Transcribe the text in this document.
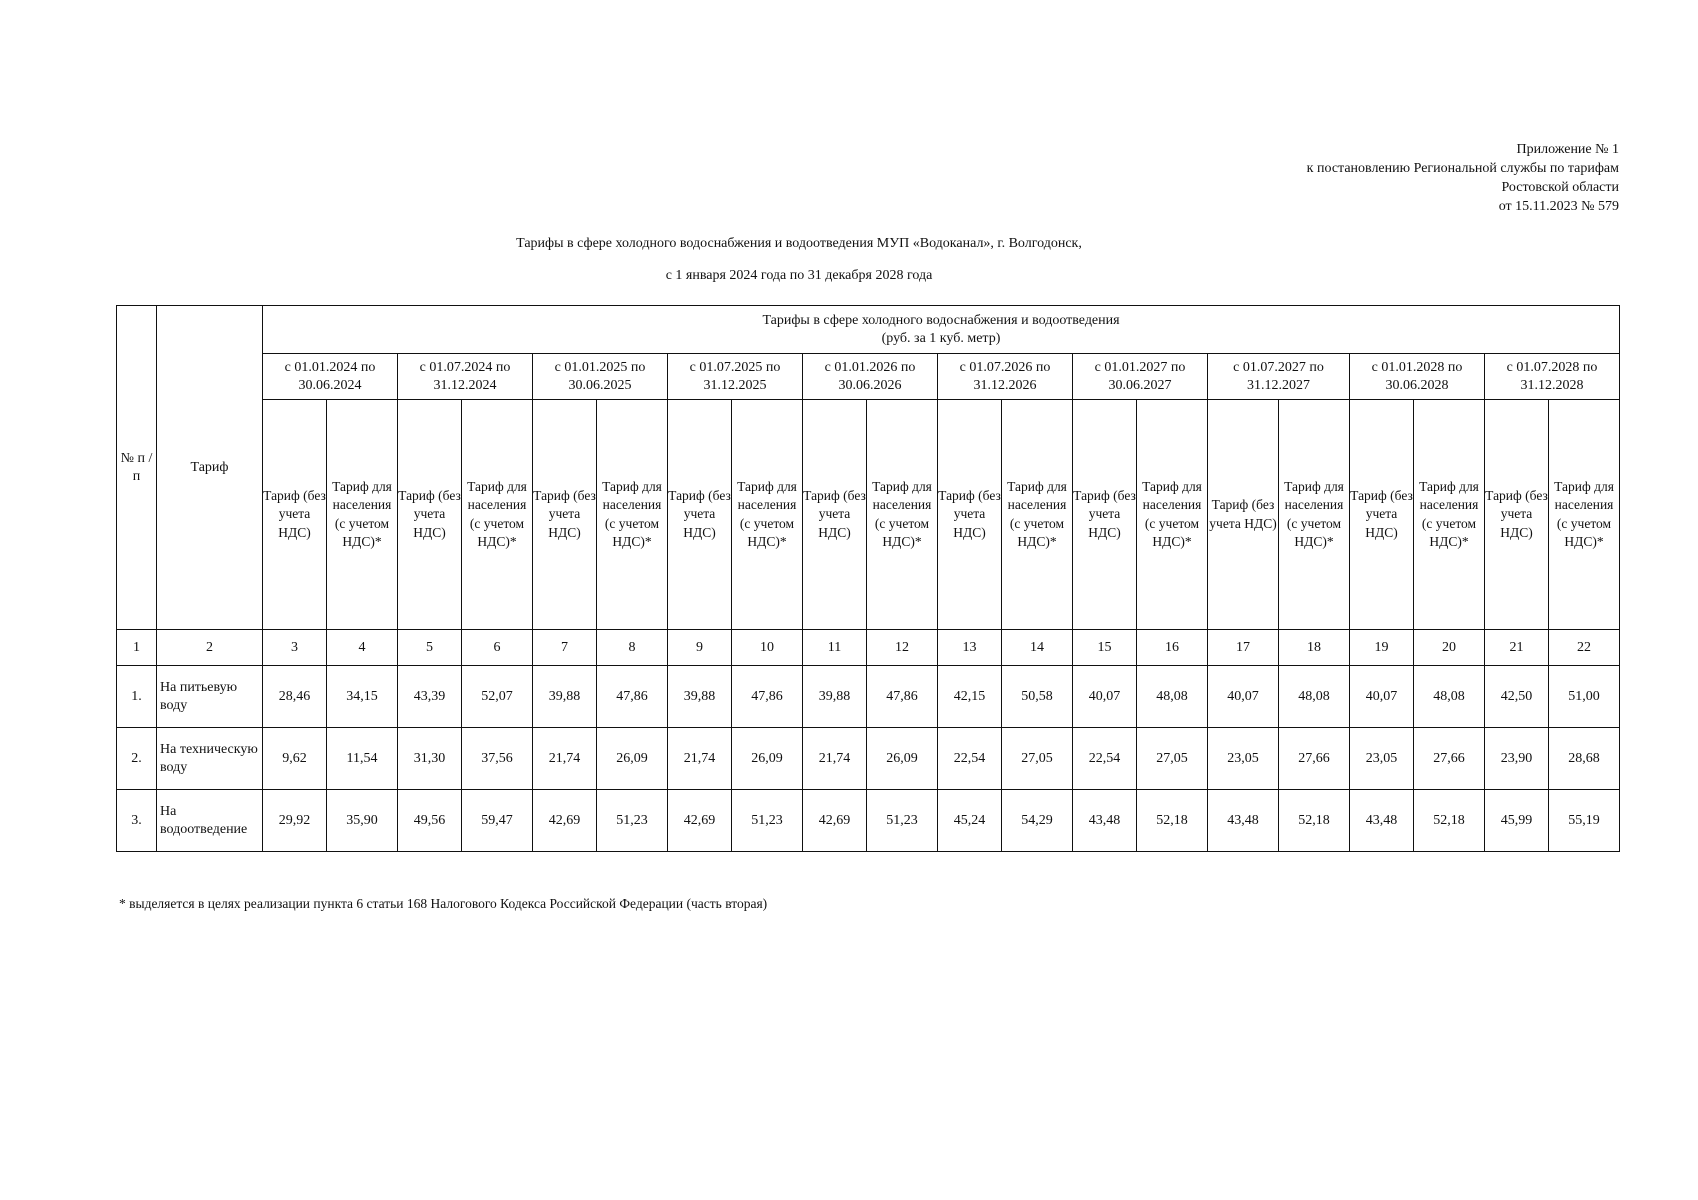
Приложение № 1
к постановлению Региональной службы по тарифам
Ростовской области
от 15.11.2023 № 579
Тарифы в сфере холодного водоснабжения и водоотведения МУП «Водоканал», г. Волгодонск,
с 1 января 2024 года по 31 декабря 2028 года
№ п /п	Тариф	Тарифы в сфере холодного водоснабжения и водоотведения
(руб. за 1 куб. метр)																			

		с 01.01.2024 по 30.06.2024		с 01.07.2024 по 31.12.2024		с 01.01.2025 по 30.06.2025		с 01.07.2025 по 31.12.2025		с 01.01.2026 по 30.06.2026		с 01.07.2026 по 31.12.2026		с 01.01.2027 по 30.06.2027		с 01.07.2027 по 31.12.2027		с 01.01.2028 по 30.06.2028		с 01.07.2028 по 31.12.2028	
		Тариф (без учета НДС)	Тариф для населения (с учетом НДС)*	Тариф (без учета НДС)	Тариф для населения (с учетом НДС)*	Тариф (без учета НДС)	Тариф для населения (с учетом НДС)*	Тариф (без учета НДС)	Тариф для населения (с учетом НДС)*	Тариф (без учета НДС)	Тариф для населения (с учетом НДС)*	Тариф (без учета НДС)	Тариф для населения (с учетом НДС)*	Тариф (без учета НДС)	Тариф для населения (с учетом НДС)*	Тариф (без учета НДС)	Тариф для населения (с учетом НДС)*	Тариф (без учета НДС)	Тариф для населения (с учетом НДС)*	Тариф (без учета НДС)	Тариф для населения (с учетом НДС)*
1	2	3	4	5	6	7	8	9	10	11	12	13	14	15	16	17	18	19	20	21	22
1.	На питьевую воду	28,46	34,15	43,39	52,07	39,88	47,86	39,88	47,86	39,88	47,86	42,15	50,58	40,07	48,08	40,07	48,08	40,07	48,08	42,50	51,00
2.	На техническую воду	9,62	11,54	31,30	37,56	21,74	26,09	21,74	26,09	21,74	26,09	22,54	27,05	22,54	27,05	23,05	27,66	23,05	27,66	23,90	28,68
3.	На водоотведение	29,92	35,90	49,56	59,47	42,69	51,23	42,69	51,23	42,69	51,23	45,24	54,29	43,48	52,18	43,48	52,18	43,48	52,18	45,99	55,19
* выделяется в целях реализации пункта 6 статьи 168 Налогового Кодекса Российской Федерации (часть вторая)
